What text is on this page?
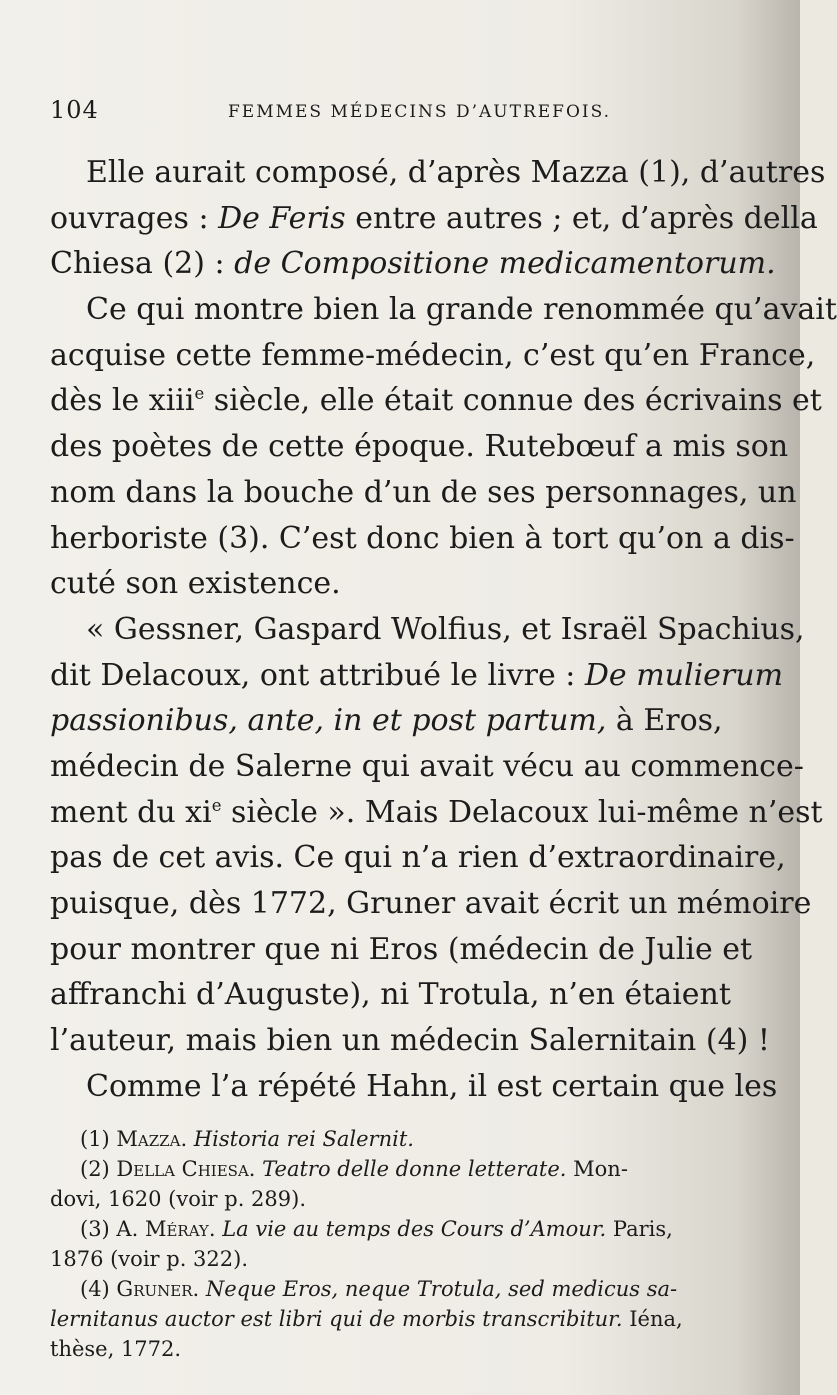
104	FEMMES MÉDECINS D’AUTREFOIS.
Elle aurait composé, d’après Mazza (1), d’autres
ouvrages : De Feris entre autres ; et, d’après della
Chiesa (2) : de Compositione medicamentorum.
Ce qui montre bien la grande renommée qu’avait
acquise cette femme-médecin, c’est qu’en France,
dès le xiii$^e$ siècle, elle était connue des écrivains et
des poètes de cette époque. Rutebœuf a mis son
nom dans la bouche d’un de ses personnages, un
herboriste (3). C’est donc bien à tort qu’on a dis-
cuté son existence.
« Gessner, Gaspard Wolfius, et Israël Spachius,
dit Delacoux, ont attribué le livre : De mulierum
passionibus, ante, in et post partum, à Eros,
médecin de Salerne qui avait vécu au commence-
ment du $xi^e$ siècle ». Mais Delacoux lui-même n’est
pas de cet avis. Ce qui n’a rien d’extraordinaire,
puisque, dès 1772, Gruner avait écrit un mémoire
pour montrer que ni Eros (médecin de Julie et
affranchi d’Auguste), ni Trotula, n’en étaient
l’auteur, mais bien un médecin Salernitain (4) !
Comme l’a répété Hahn, il est certain que les
(1) Mazza. Historia rei Salernit.
(2) Della Chiesa. Teatro delle donne letterate. Mon-
dovi, 1620 (voir p. 289).
(3) A. Méray. La vie au temps des Cours d’Amour. Paris,
1876 (voir p. 322).
(4) Gruner. Neque Eros, neque Trotula, sed medicus sa-
lernitanus auctor est libri qui de morbis transcribitur. Iéna,
thèse, 1772.
